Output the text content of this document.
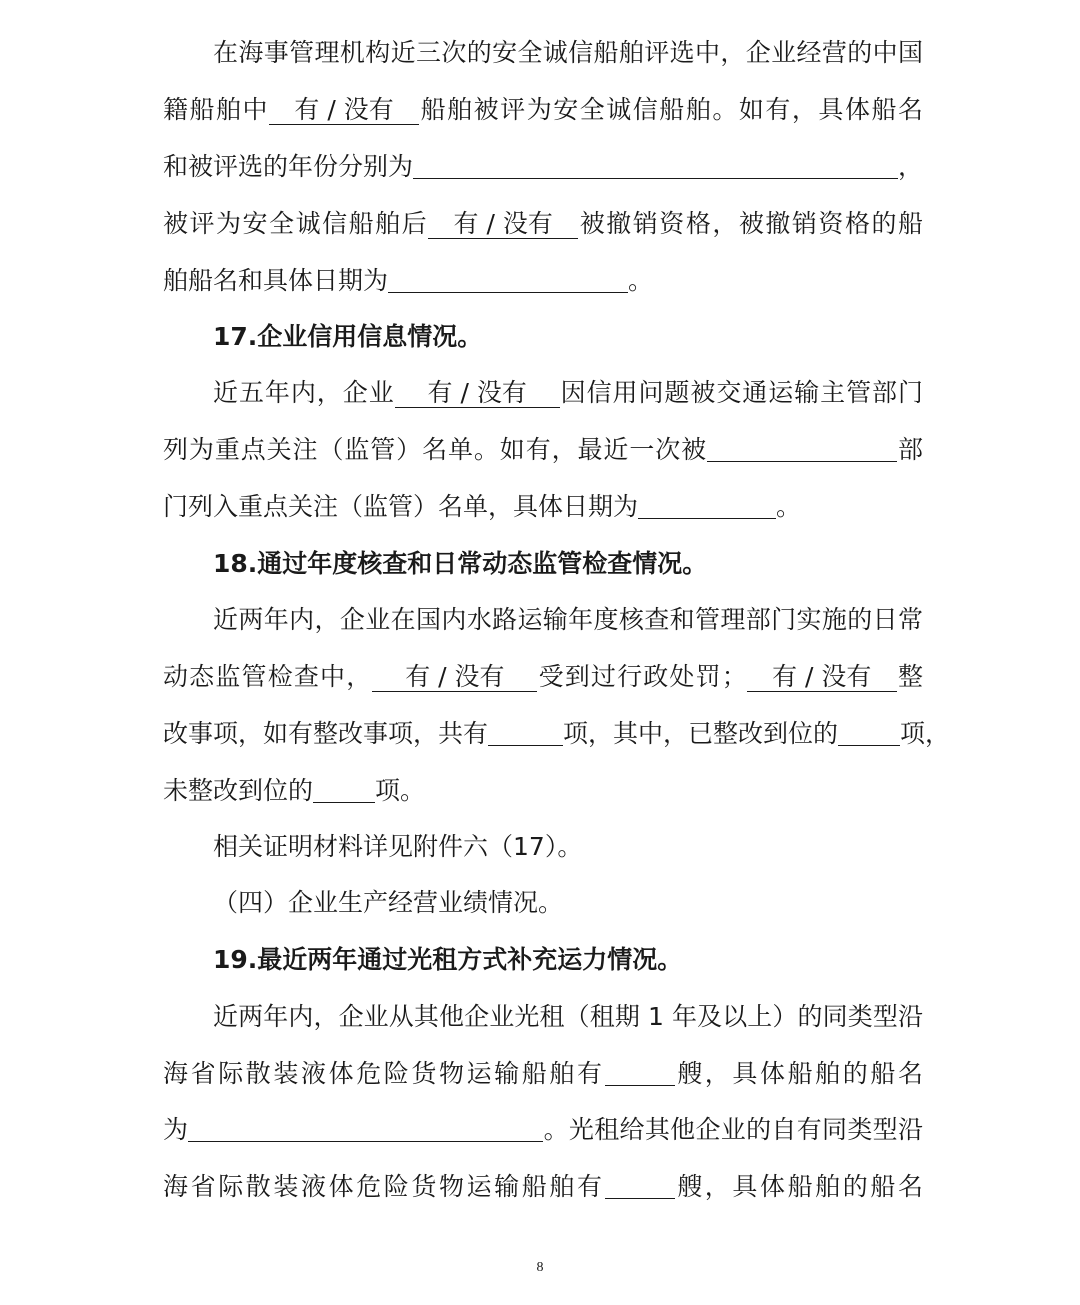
在海事管理机构近三次的安全诚信船舶评选中，企业经营的中国
籍船舶中 有 / 没有 船舶被评为安全诚信船舶。如有，具体船名
和被评选的年份分别为	，
被评为安全诚信船舶后 有 / 没有 被撤销资格，被撤销资格的船
舶船名和具体日期为	。
17.企业信用信息情况。
近五年内，企业 有 / 没有 因信用问题被交通运输主管部门
列为重点关注（监管）名单。如有，最近一次被	部
门列入重点关注（监管）名单，具体日期为	。
18.通过年度核查和日常动态监管检查情况。
近两年内，企业在国内水路运输年度核查和管理部门实施的日常
动态监管检查中， 有 / 没有 受到过行政处罚； 有 / 没有 整
改事项，如有整改事项，共有	项，其中，已整改到位的 项，
未整改到位的 项。
相关证明材料详见附件六（17）。
（四）企业生产经营业绩情况。
19.最近两年通过光租方式补充运力情况。
近两年内，企业从其他企业光租（租期 1 年及以上）的同类型沿
海省际散装液体危险货物运输船舶有	艘，具体船舶的船名
为	。光租给其他企业的自有同类型沿
海省际散装液体危险货物运输船舶有	艘，具体船舶的船名
8
